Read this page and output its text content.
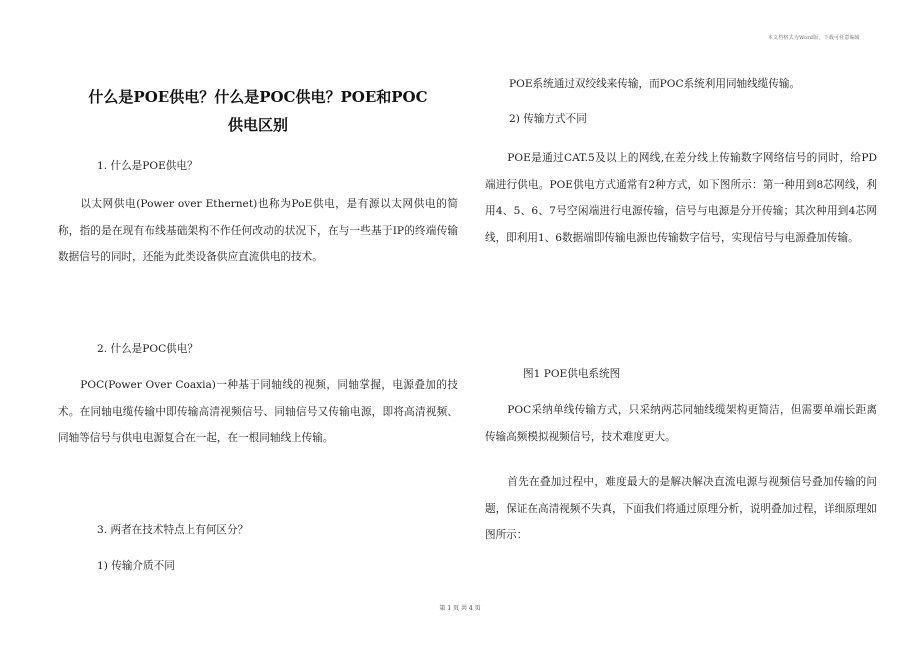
本文档格式为Word版，下载可任意编辑
什么是POE供电？什么是POC供电？POE和POC
供电区别
1. 什么是POE供电？

以太网供电(Power over Ethernet)也称为PoE供电，是有源以太网供电的简称，指的是在现有布线基础架构不作任何改动的状况下，在与一些基于IP的终端传输数据信号的同时，还能为此类设备供应直流供电的技术。

2. 什么是POC供电？

POC(Power Over Coaxia)一种基于同轴线的视频，同轴掌握，电源叠加的技术。在同轴电缆传输中即传输高清视频信号、同轴信号又传输电源，即将高清视频、同轴等信号与供电电源复合在一起，在一根同轴线上传输。

3. 两者在技术特点上有何区分？
1) 传输介质不同
POE系统通过双绞线来传输，而POC系统利用同轴线缆传输。
2) 传输方式不同

POE是通过CAT.5及以上的网线,在差分线上传输数字网络信号的同时，给PD端进行供电。POE供电方式通常有2种方式，如下图所示：第一种用到8芯网线，利用4、5、6、7号空闲端进行电源传输，信号与电源是分开传输；其次种用到4芯网线，即利用1、6数据端即传输电源也传输数字信号，实现信号与电源叠加传输。

图1 POE供电系统图

POC采纳单线传输方式，只采纳两芯同轴线缆架构更简洁，但需要单端长距离传输高频模拟视频信号，技术难度更大。

首先在叠加过程中，难度最大的是解决解决直流电源与视频信号叠加传输的问题，保证在高清视频不失真，下面我们将通过原理分析，说明叠加过程，详细原理如图所示：

第 1 页 共 4 页
